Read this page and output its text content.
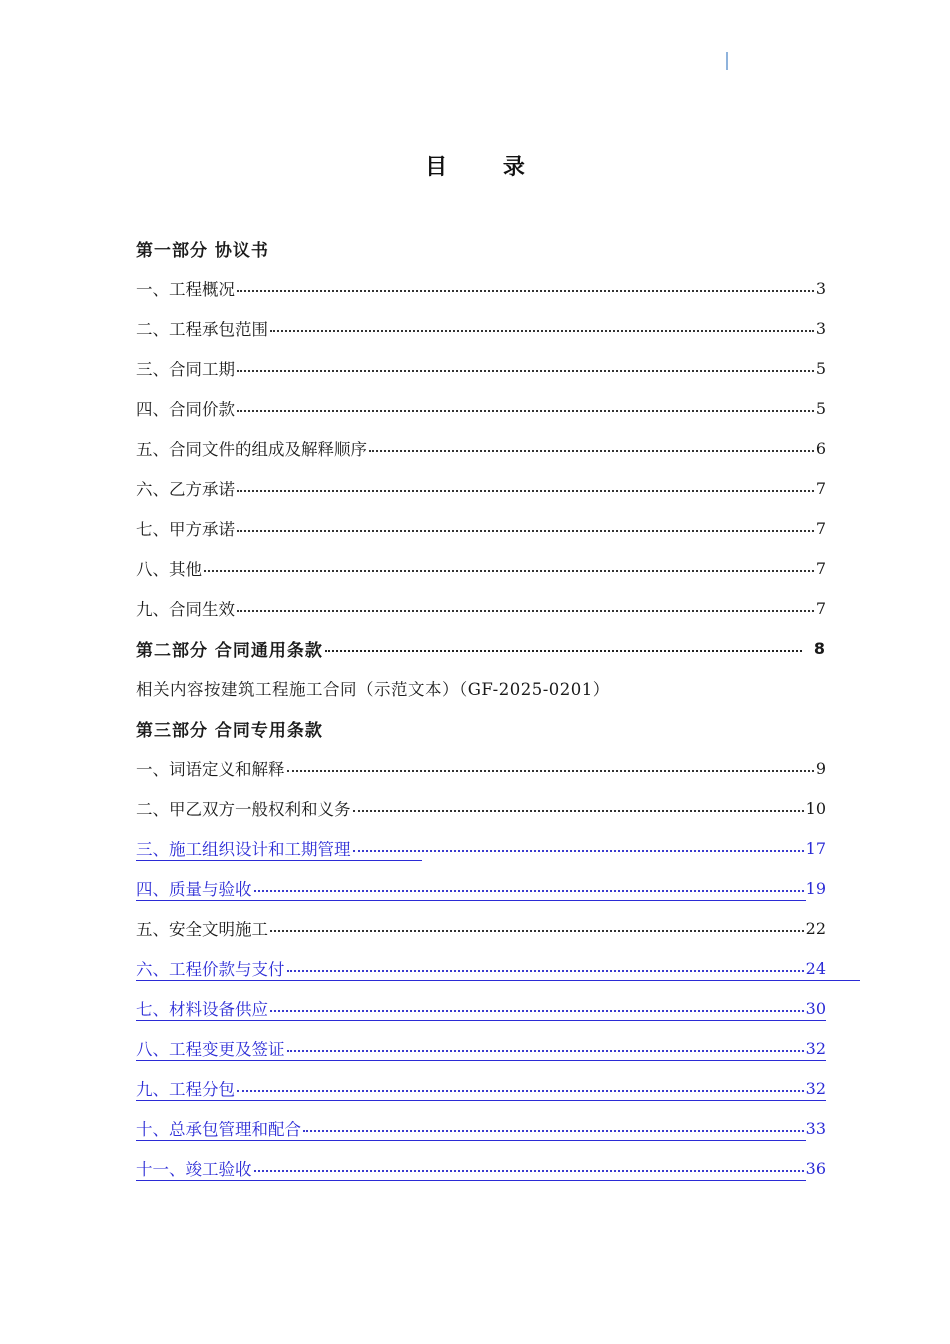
目 录
第一部分 协议书
一、工程概况	3
二、工程承包范围	3
三、合同工期	5
四、合同价款	5
五、合同文件的组成及解释顺序	6
六、乙方承诺	7
七、甲方承诺	7
八、其他	7
九、合同生效	7
第二部分 合同通用条款	8
相关内容按建筑工程施工合同（示范文本）（GF-2025-0201）
第三部分 合同专用条款
一、词语定义和解释	9
二、甲乙双方一般权利和义务	10
三、施工组织设计和工期管理	17
四、质量与验收	19
五、安全文明施工	22
六、工程价款与支付	24
七、材料设备供应	30
八、工程变更及签证	32
九、工程分包	32
十、总承包管理和配合	33
十一、竣工验收	36
